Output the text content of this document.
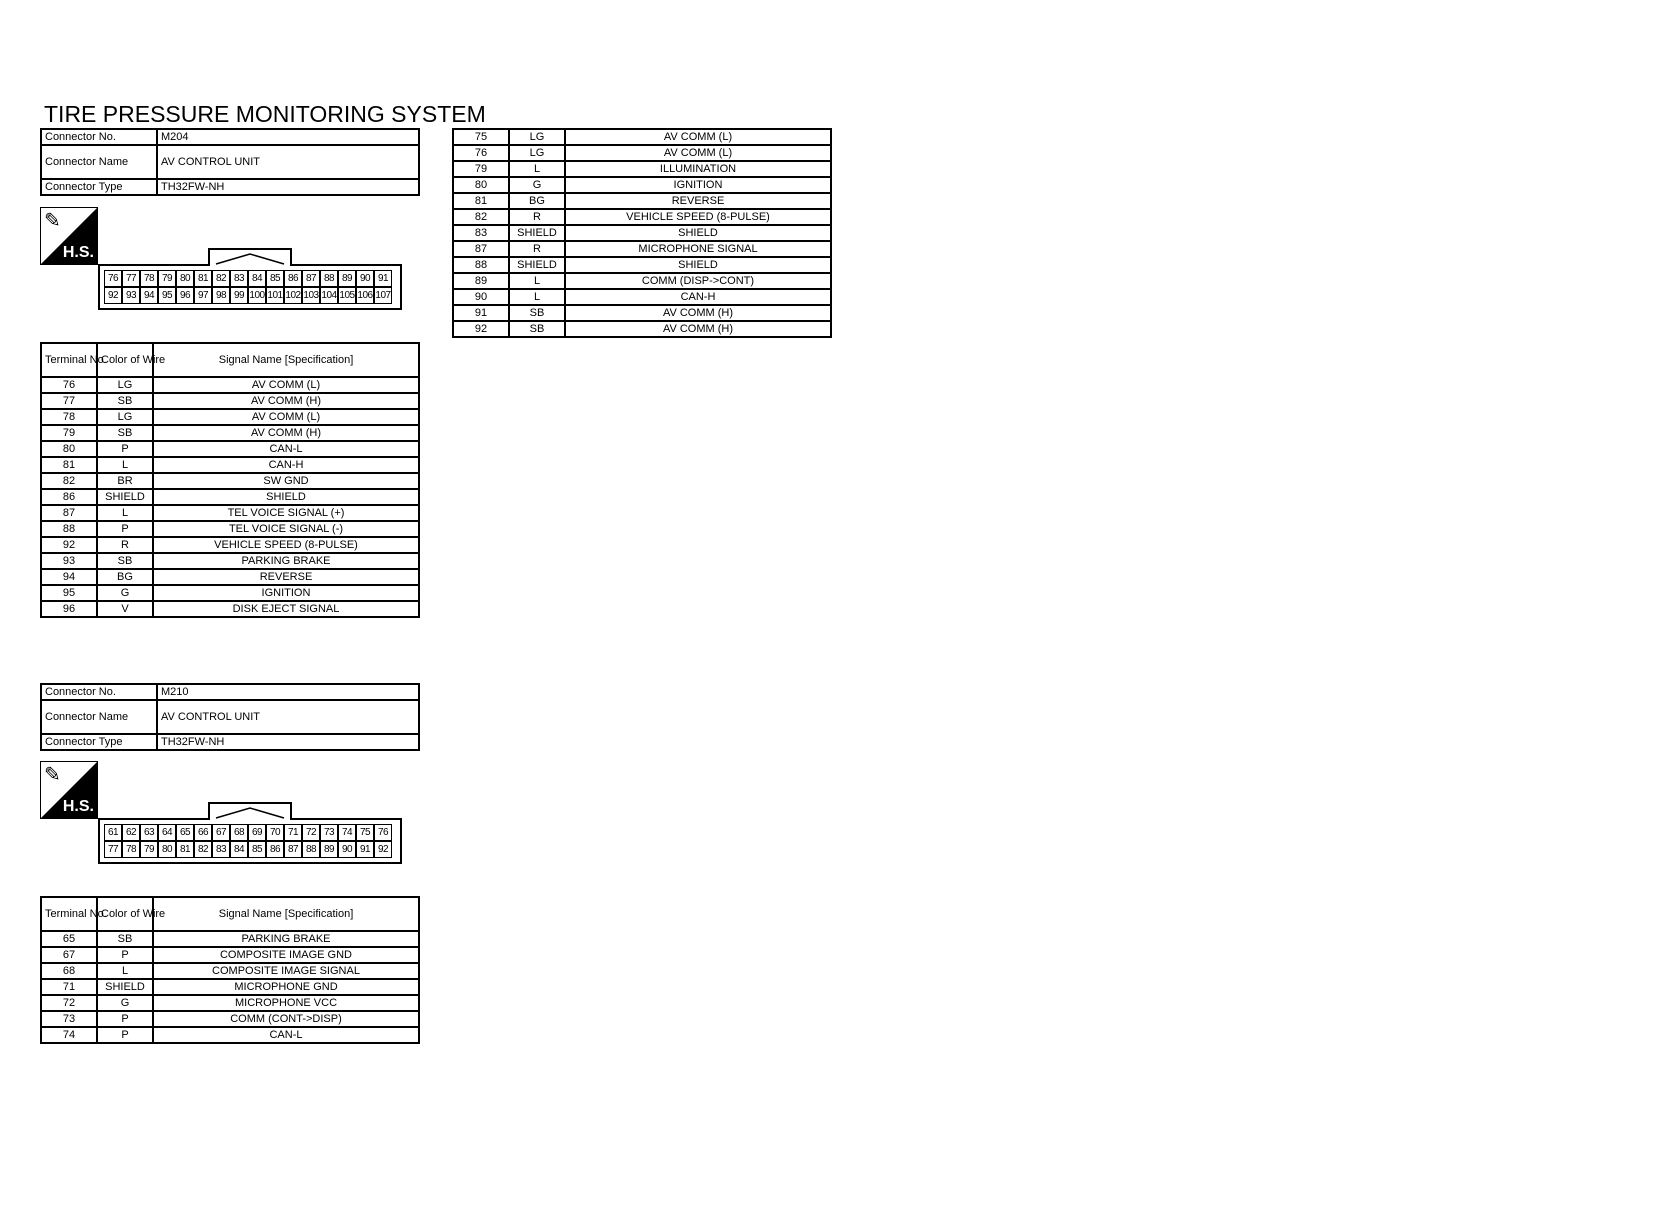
TIRE PRESSURE MONITORING SYSTEM
Connector No.	M204
Connector Name	AV CONTROL UNIT
Connector Type	TH32FW-NH
✎
H.S.
76 77 78 79 80 81 82 83 84 85 86 87 88 89 90 91
92 93 94 95 96 97 98 99 100 101 102 103 104 105 106 107
Terminal No.	Color of Wire	Signal Name [Specification]
76	LG	AV COMM (L)
77	SB	AV COMM (H)
78	LG	AV COMM (L)
79	SB	AV COMM (H)
80	P	CAN-L
81	L	CAN-H
82	BR	SW GND
86	SHIELD	SHIELD
87	L	TEL VOICE SIGNAL (+)
88	P	TEL VOICE SIGNAL (-)
92	R	VEHICLE SPEED (8-PULSE)
93	SB	PARKING BRAKE
94	BG	REVERSE
95	G	IGNITION
96	V	DISK EJECT SIGNAL
Connector No.	M210
Connector Name	AV CONTROL UNIT
Connector Type	TH32FW-NH
✎
H.S.
61 62 63 64 65 66 67 68 69 70 71 72 73 74 75 76
77 78 79 80 81 82 83 84 85 86 87 88 89 90 91 92
Terminal No.	Color of Wire	Signal Name [Specification]
65	SB	PARKING BRAKE
67	P	COMPOSITE IMAGE GND
68	L	COMPOSITE IMAGE SIGNAL
71	SHIELD	MICROPHONE GND
72	G	MICROPHONE VCC
73	P	COMM (CONT->DISP)
74	P	CAN-L
75	LG	AV COMM (L)
76	LG	AV COMM (L)
79	L	ILLUMINATION
80	G	IGNITION
81	BG	REVERSE
82	R	VEHICLE SPEED (8-PULSE)
83	SHIELD	SHIELD
87	R	MICROPHONE SIGNAL
88	SHIELD	SHIELD
89	L	COMM (DISP->CONT)
90	L	CAN-H
91	SB	AV COMM (H)
92	SB	AV COMM (H)
